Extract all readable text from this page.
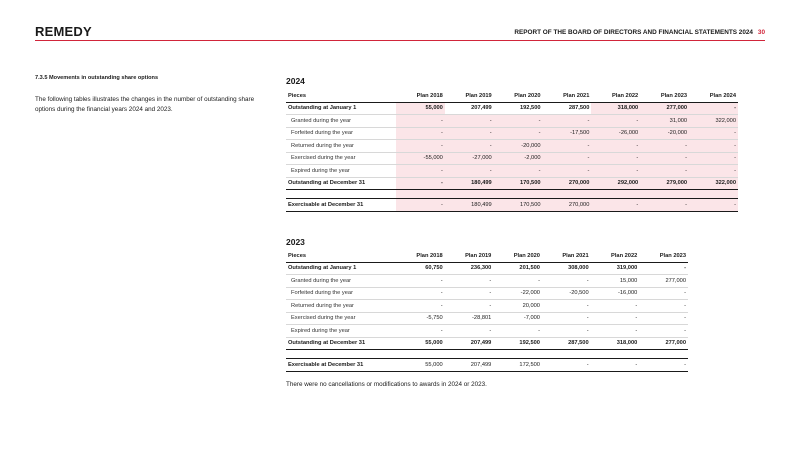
REMEDY	REPORT OF THE BOARD OF DIRECTORS AND FINANCIAL STATEMENTS 2024 30
7.3.5 Movements in outstanding share options
The following tables illustrates the changes in the number of outstanding share options during the financial years 2024 and 2023.
2024
Pieces	Plan 2018	Plan 2019	Plan 2020	Plan 2021	Plan 2022	Plan 2023	Plan 2024
Outstanding at January 1	55,000	207,499	192,500	287,500	318,000	277,000	-
Granted during the year	-	-	-	-	-	31,000	322,000
Forfeited during the year	-	-	-	-17,500	-26,000	-20,000	-
Returned during the year	-	-	-20,000	-	-	-	-
Exercised during the year	-55,000	-27,000	-2,000	-	-	-	-
Expired during the year	-	-	-	-	-	-	-
Outstanding at December 31	-	180,499	170,500	270,000	292,000	279,000	322,000

Exercisable at December 31	-	180,499	170,500	270,000	-	-	-
2023
Pieces	Plan 2018	Plan 2019	Plan 2020	Plan 2021	Plan 2022	Plan 2023
Outstanding at January 1	60,750	236,300	201,500	308,000	319,000	-
Granted during the year	-	-	-	-	15,000	277,000
Forfeited during the year	-	-	-22,000	-20,500	-16,000	-
Returned during the year	-	-	20,000	-	-	-
Exercised during the year	-5,750	-28,801	-7,000	-	-	-
Expired during the year	-	-	-	-	-	-
Outstanding at December 31	55,000	207,499	192,500	287,500	318,000	277,000

Exercisable at December 31	55,000	207,499	172,500	-	-	-
There were no cancellations or modifications to awards in 2024 or 2023.
